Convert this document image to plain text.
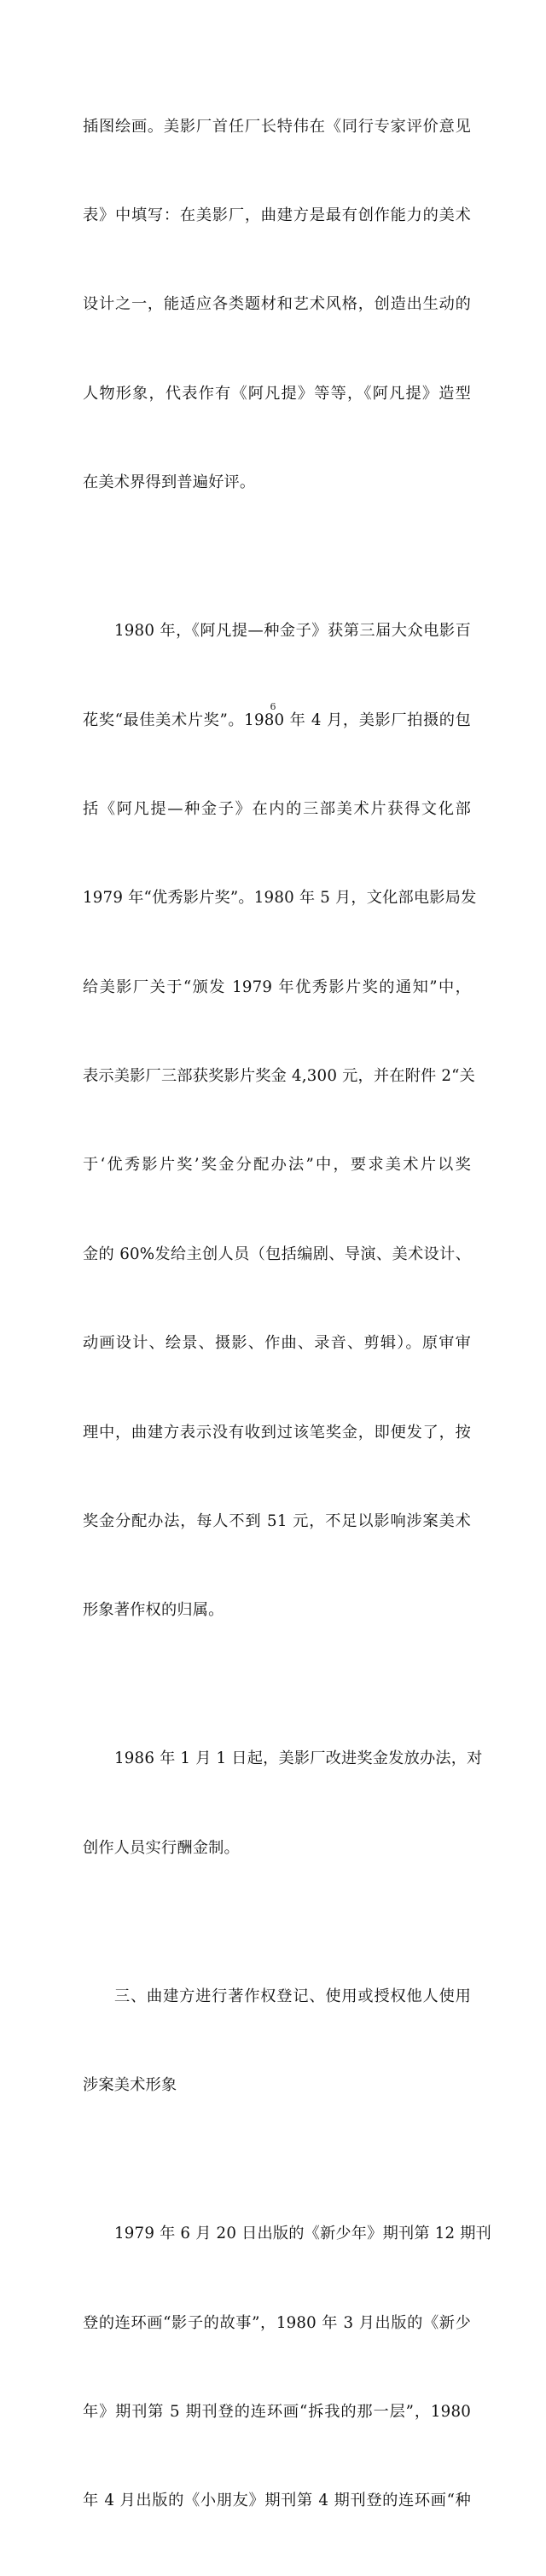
插图绘画。美影厂首任厂长特伟在《同行专家评价意见

表》中填写：在美影厂，曲建方是最有创作能力的美术

设计之一，能适应各类题材和艺术风格，创造出生动的

人物形象，代表作有《阿凡提》等等，《阿凡提》造型

在美术界得到普遍好评。

1980 年，《阿凡提—种金子》获第三届大众电影百

花奖“最佳美术片奖”。1980 年 4 月，美影厂拍摄的包

括《阿凡提—种金子》在内的三部美术片获得文化部

1979 年“优秀影片奖”。1980 年 5 月，文化部电影局发

给美影厂关于“颁发 1979 年优秀影片奖的通知”中，

表示美影厂三部获奖影片奖金 4,300 元，并在附件 2“关

于‘优秀影片奖’奖金分配办法”中，要求美术片以奖

金的 60%发给主创人员（包括编剧、导演、美术设计、

动画设计、绘景、摄影、作曲、录音、剪辑）。原审审

理中，曲建方表示没有收到过该笔奖金，即便发了，按

奖金分配办法，每人不到 51 元，不足以影响涉案美术

形象著作权的归属。

1986 年 1 月 1 日起，美影厂改进奖金发放办法，对

创作人员实行酬金制。

三、曲建方进行著作权登记、使用或授权他人使用

涉案美术形象

1979 年 6 月 20 日出版的《新少年》期刊第 12 期刊

登的连环画“影子的故事”，1980 年 3 月出版的《新少

年》期刊第 5 期刊登的连环画“拆我的那一层”，1980

年 4 月出版的《小朋友》期刊第 4 期刊登的连环画“种

6
